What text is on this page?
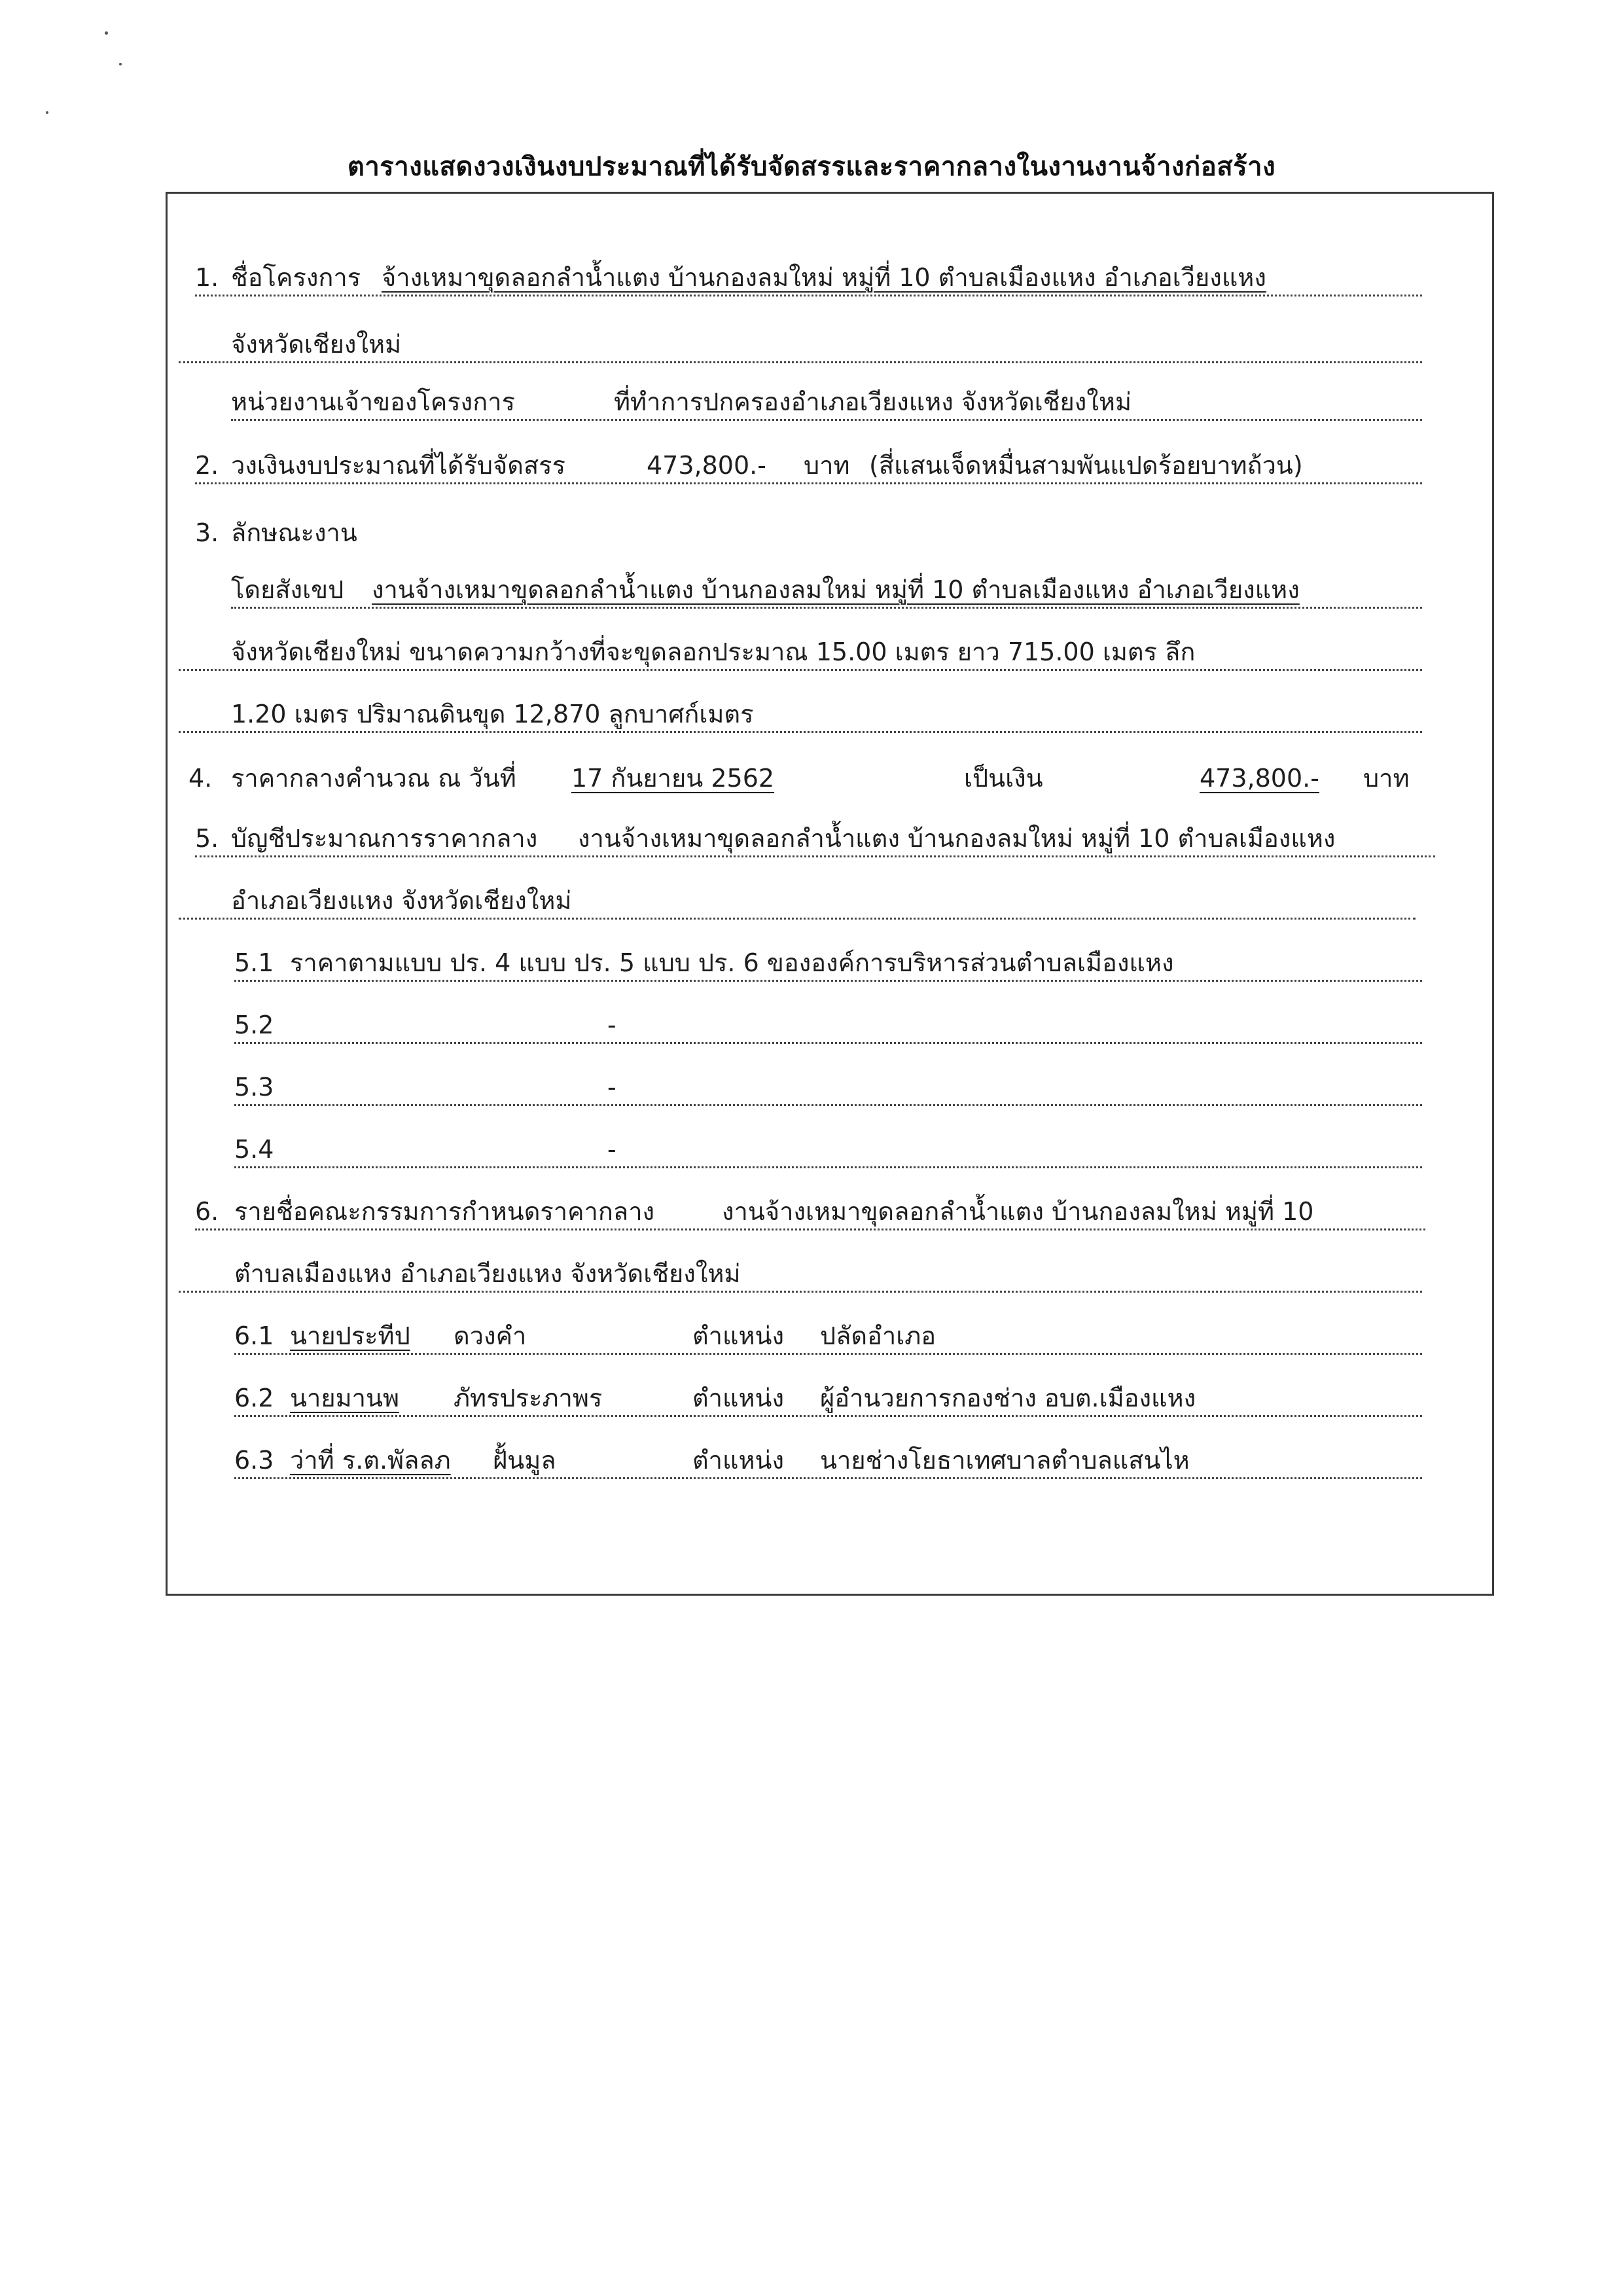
ตารางแสดงวงเงินงบประมาณที่ได้รับจัดสรรและราคากลางในงานงานจ้างก่อสร้าง
1. ชื่อโครงการ จ้างเหมาขุดลอกลำน้ำแตง บ้านกองลมใหม่ หมู่ที่ 10 ตำบลเมืองแหง อำเภอเวียงแหง
จังหวัดเชียงใหม่
หน่วยงานเจ้าของโครงการ	ที่ทำการปกครองอำเภอเวียงแหง จังหวัดเชียงใหม่
2. วงเงินงบประมาณที่ได้รับจัดสรร	473,800.- บาท (สี่แสนเจ็ดหมื่นสามพันแปดร้อยบาทถ้วน)
3. ลักษณะงาน
โดยสังเขป งานจ้างเหมาขุดลอกลำน้ำแตง บ้านกองลมใหม่ หมู่ที่ 10 ตำบลเมืองแหง อำเภอเวียงแหง
จังหวัดเชียงใหม่ ขนาดความกว้างที่จะขุดลอกประมาณ 15.00 เมตร ยาว 715.00 เมตร ลึก
1.20 เมตร ปริมาณดินขุด 12,870 ลูกบาศก์เมตร
4. ราคากลางคำนวณ ณ วันที่ 17 กันยายน 2562	เป็นเงิน	473,800.- บาท
5. บัญชีประมาณการราคากลาง งานจ้างเหมาขุดลอกลำน้ำแตง บ้านกองลมใหม่ หมู่ที่ 10 ตำบลเมืองแหง
อำเภอเวียงแหง จังหวัดเชียงใหม่
5.1 ราคาตามแบบ ปร. 4 แบบ ปร. 5 แบบ ปร. 6 ขององค์การบริหารส่วนตำบลเมืองแหง
5.2	-
5.3	-
5.4	-
6. รายชื่อคณะกรรมการกำหนดราคากลาง	งานจ้างเหมาขุดลอกลำน้ำแตง บ้านกองลมใหม่ หมู่ที่ 10
ตำบลเมืองแหง อำเภอเวียงแหง จังหวัดเชียงใหม่
6.1 นายประทีป ดวงคำ	ตำแหน่ง ปลัดอำเภอ
6.2 นายมานพ ภัทรประภาพร	ตำแหน่ง ผู้อำนวยการกองช่าง อบต.เมืองแหง
6.3 ว่าที่ ร.ต.พัลลภ ฝั้นมูล	ตำแหน่ง นายช่างโยธาเทศบาลตำบลแสนไห
